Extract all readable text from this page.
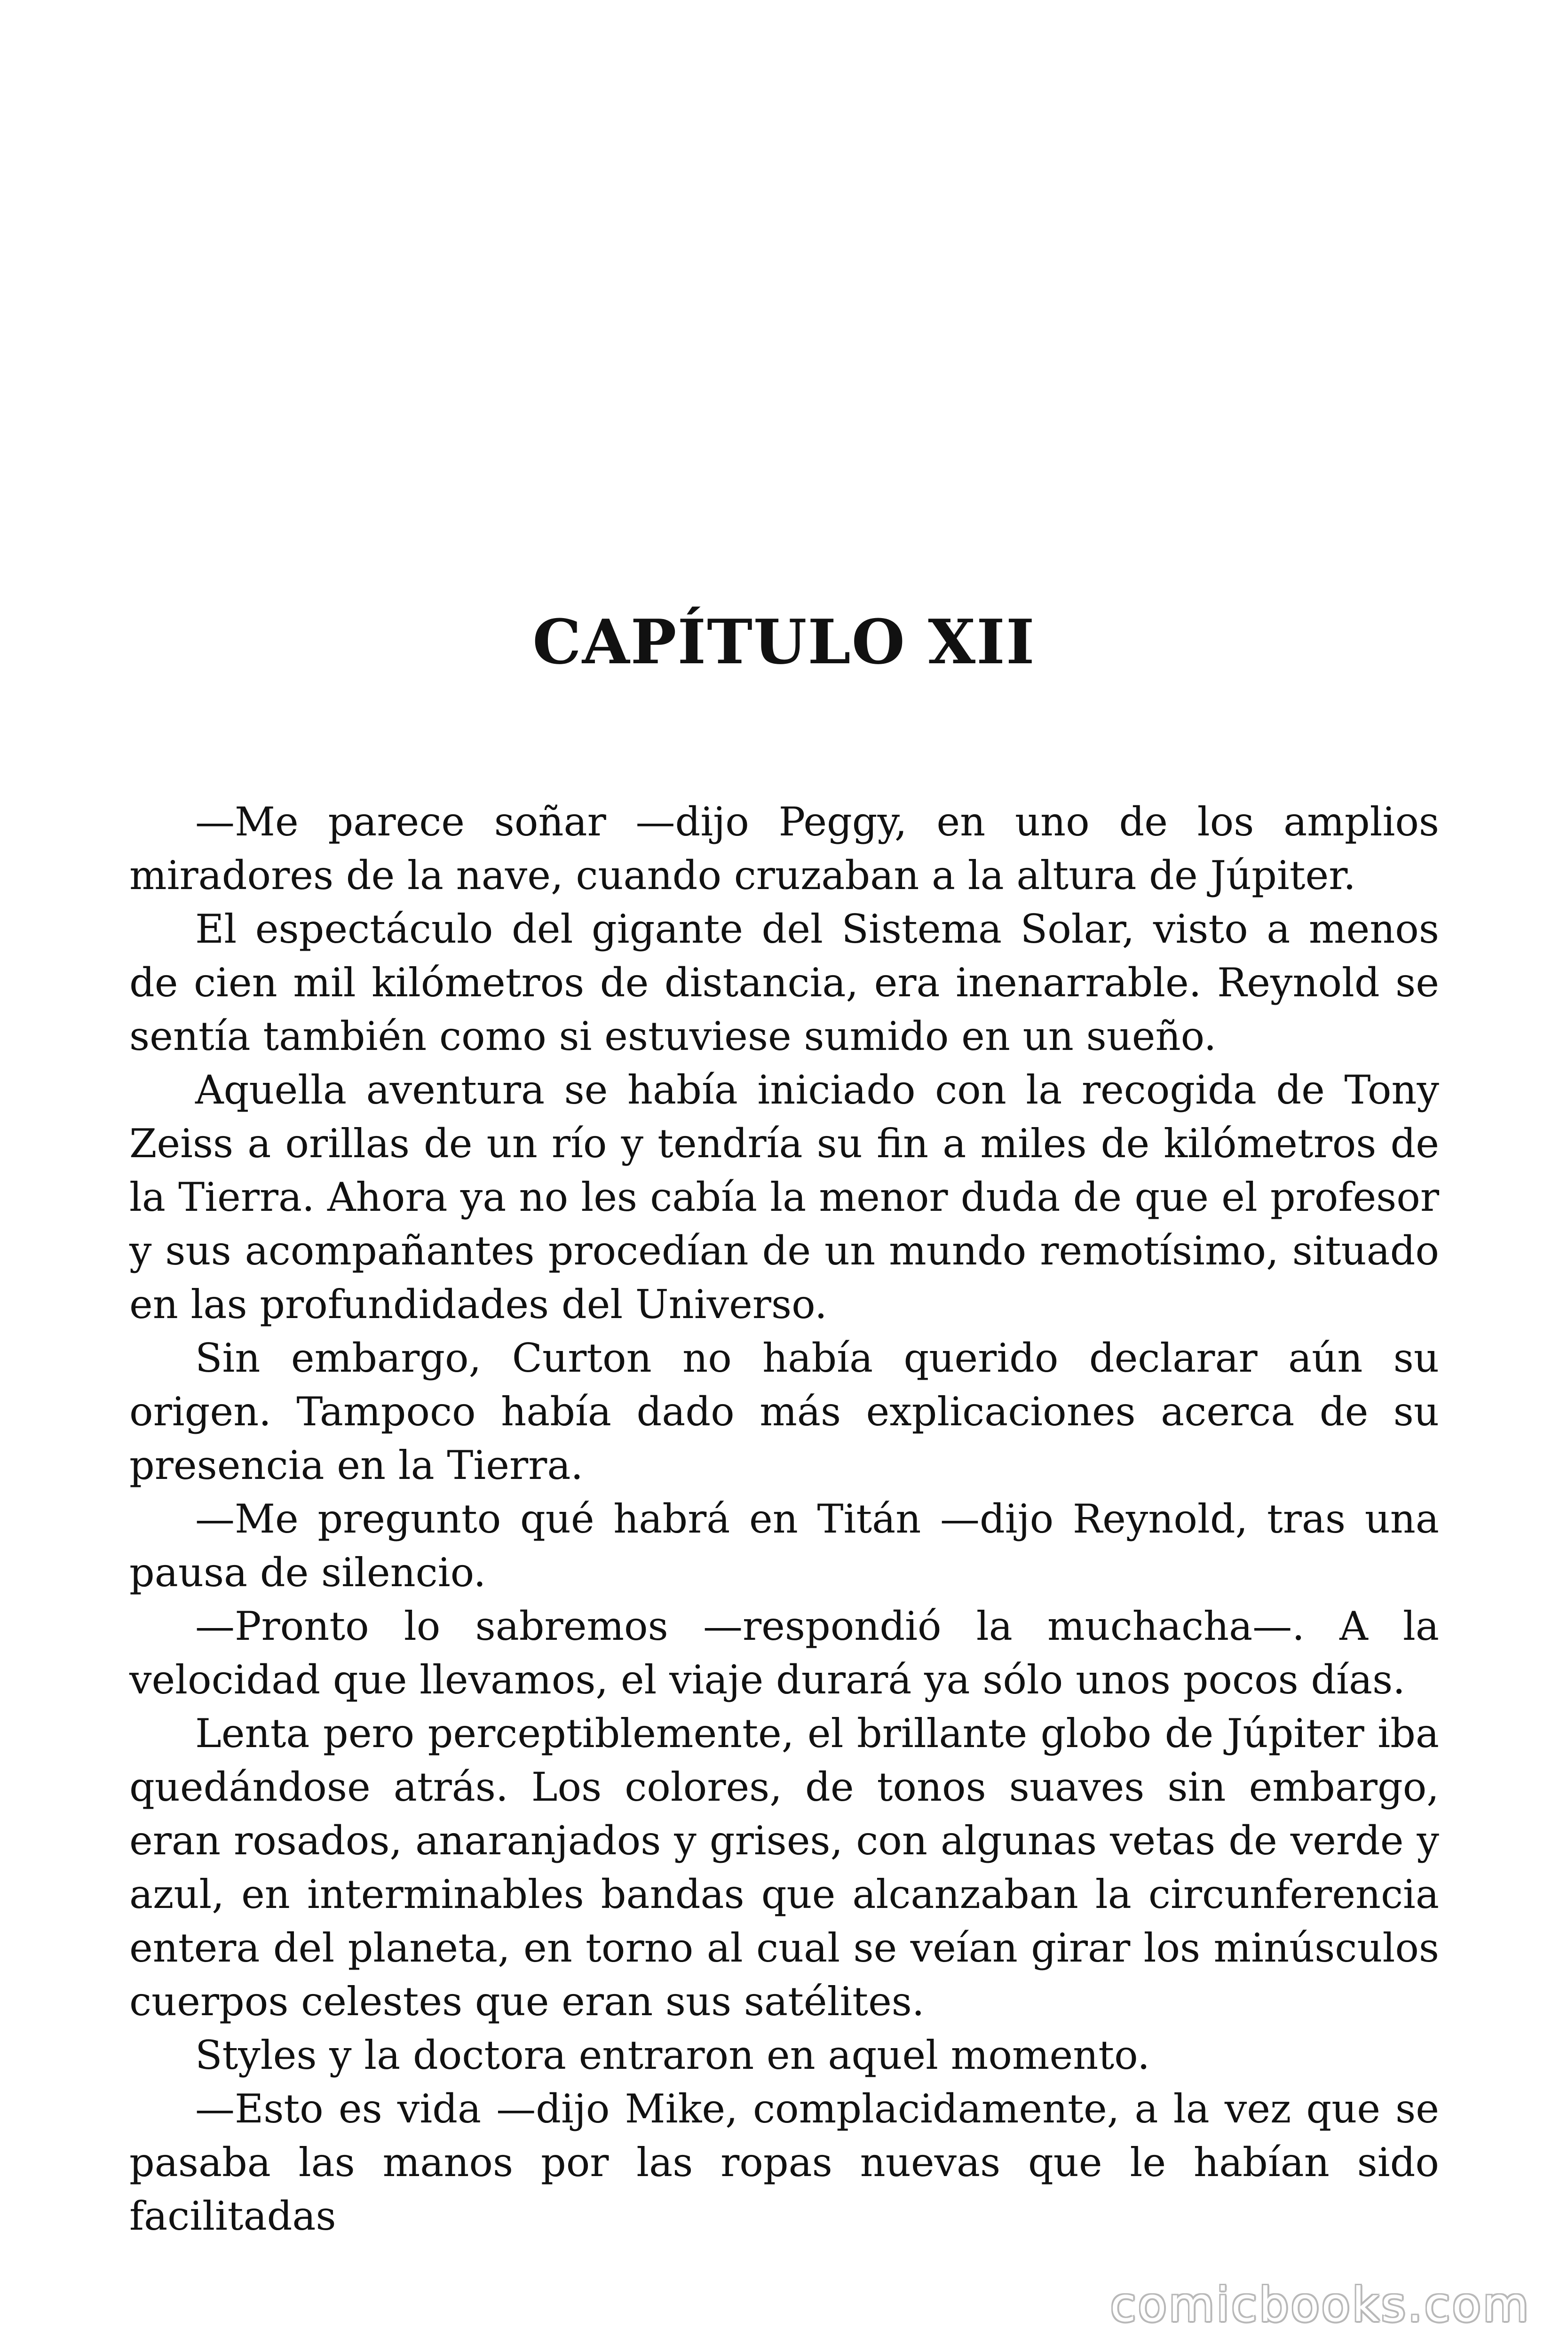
CAPÍTULO XII

—Me parece soñar —dijo Peggy, en uno de los amplios miradores de la nave, cuando cruzaban a la altura de Júpiter.

El espectáculo del gigante del Sistema Solar, visto a menos de cien mil kilómetros de distancia, era inenarrable. Reynold se sentía también como si estuviese sumido en un sueño.

Aquella aventura se había iniciado con la recogida de Tony Zeiss a orillas de un río y tendría su fin a miles de kilómetros de la Tierra. Ahora ya no les cabía la menor duda de que el profesor y sus acompañantes procedían de un mundo remotísimo, situado en las profundidades del Universo.

Sin embargo, Curton no había querido declarar aún su origen. Tampoco había dado más explicaciones acerca de su presencia en la Tierra.

—Me pregunto qué habrá en Titán —dijo Reynold, tras una pausa de silencio.

—Pronto lo sabremos —respondió la muchacha—. A la velocidad que llevamos, el viaje durará ya sólo unos pocos días.

Lenta pero perceptiblemente, el brillante globo de Júpiter iba quedándose atrás. Los colores, de tonos suaves sin embargo, eran rosados, anaranjados y grises, con algunas vetas de verde y azul, en interminables bandas que alcanzaban la circunferencia entera del planeta, en torno al cual se veían girar los minúsculos cuerpos celestes que eran sus satélites.

Styles y la doctora entraron en aquel momento.

—Esto es vida —dijo Mike, complacidamente, a la vez que se pasaba las manos por las ropas nuevas que le habían sido facilitadas

comicbooks.com
